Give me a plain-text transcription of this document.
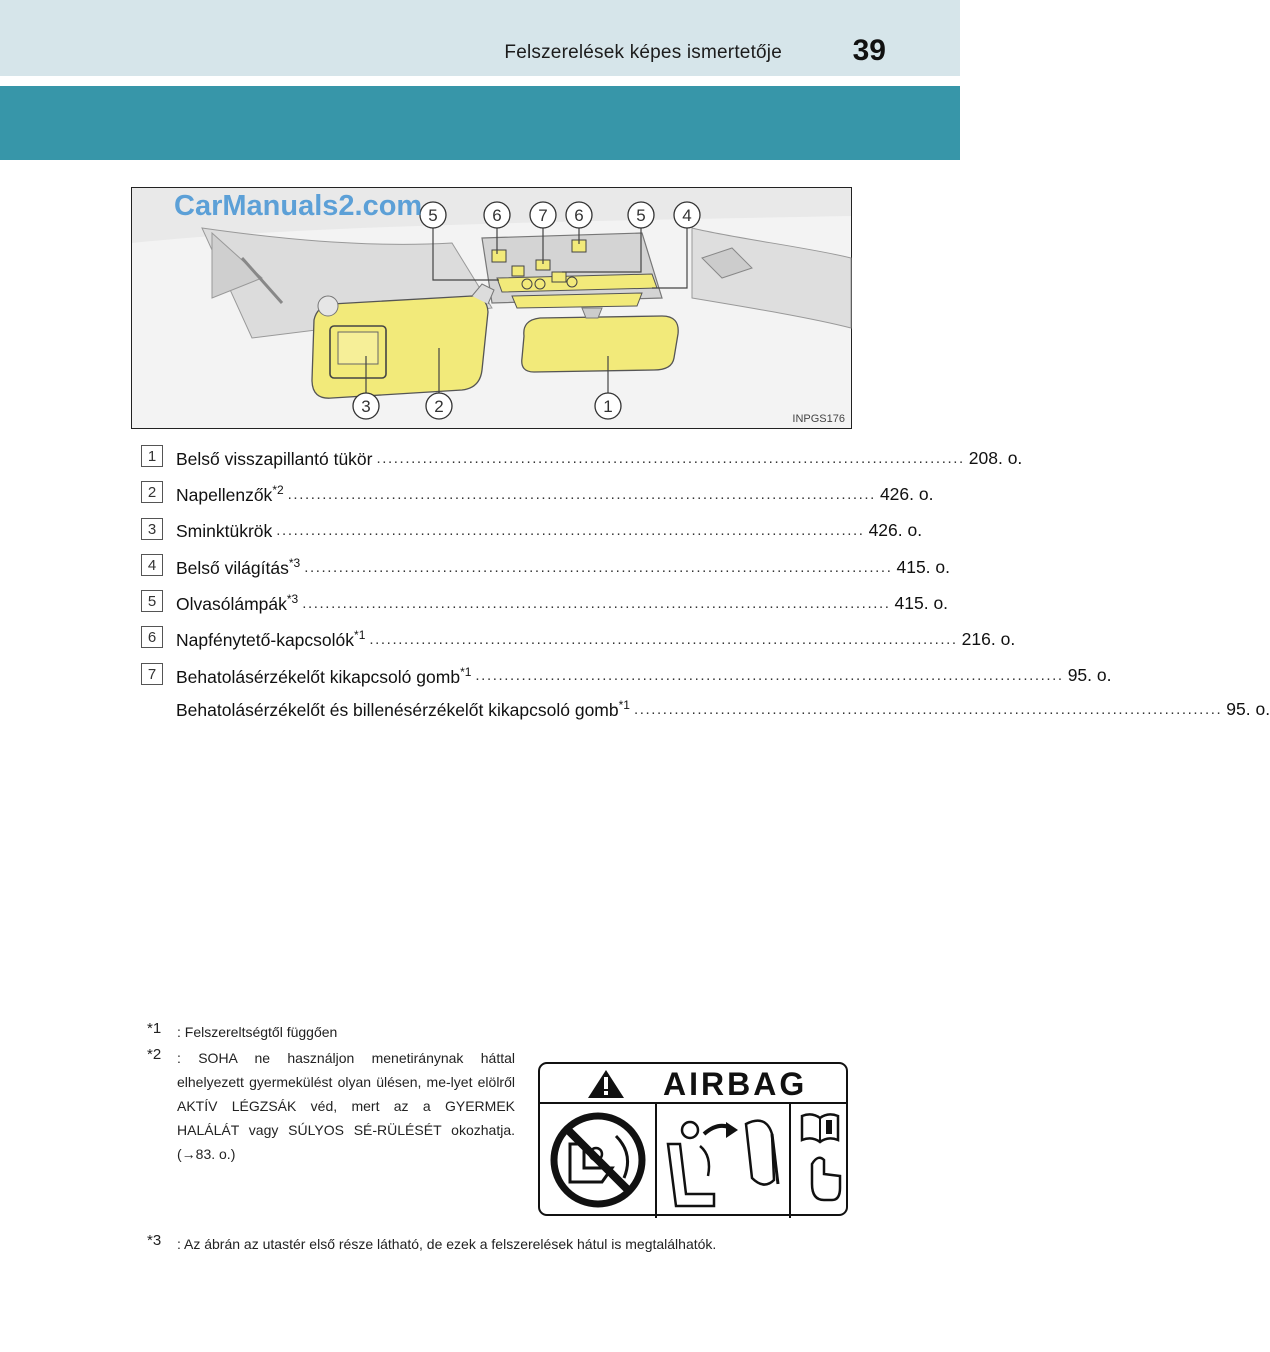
Felszerelések képes ismertetője 39
5	6 7 6	5 4
3	2	1
CarManuals2.com
INPGS176
1	Belső visszapillantó tükör ...................................................................................................... 208. o.
2	Napellenzők$^{*2}$ ...................................................................................................... 426. o.
3	Sminktükrök ...................................................................................................... 426. o.
4	Belső világítás$^{*3}$ ...................................................................................................... 415. o.
5	Olvasólámpák$^{*3}$ ...................................................................................................... 415. o.
6	Napfénytető-kapcsolók$^{*1}$ ...................................................................................................... 216. o.
7	Behatolásérzékelőt kikapcsoló gomb$^{*1}$ ...................................................................................................... 95. o.
Behatolásérzékelőt és billenésérzékelőt kikapcsoló gomb$^{*1}$ ...................................................................................................... 95. o.
*1 : Felszereltségtől függően
*2 : SOHA ne használjon menetiránynak háttal elhelyezett gyermekülést olyan ülésen, me-lyet elölről AKTÍV LÉGZSÁK véd, mert az a GYERMEK HALÁLÁT vagy SÚLYOS SÉ-RÜLÉSÉT okozhatja. (→83. o.)
*3 : Az ábrán az utastér első része látható, de ezek a felszerelések hátul is megtalálhatók.
AIRBAG
